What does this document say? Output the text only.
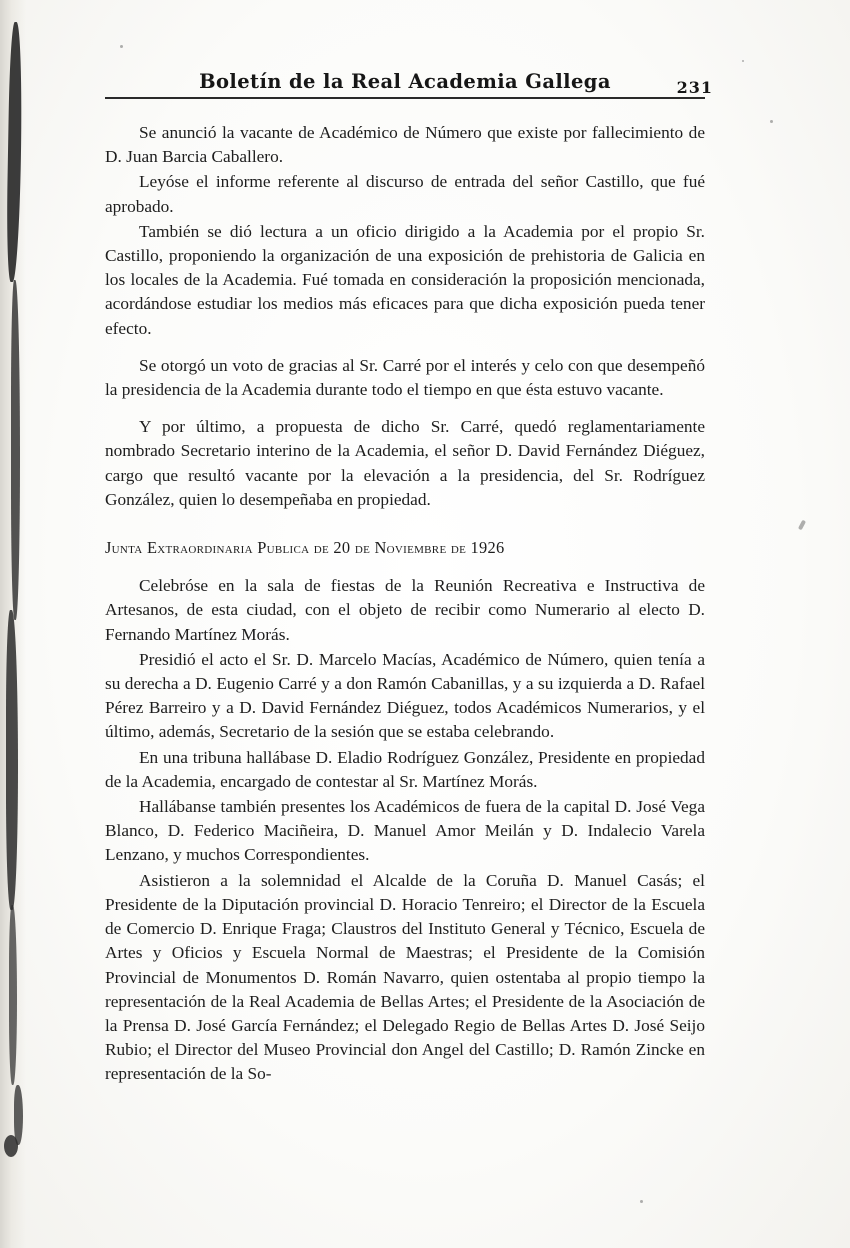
Boletín de la Real Academia Gallega	231

Se anunció la vacante de Académico de Número que existe por fallecimiento de D. Juan Barcia Caballero.

Leyóse el informe referente al discurso de entrada del señor Castillo, que fué aprobado.

También se dió lectura a un oficio dirigido a la Academia por el propio Sr. Castillo, proponiendo la organización de una exposición de prehistoria de Galicia en los locales de la Academia. Fué tomada en consideración la proposición mencionada, acordándose estudiar los medios más eficaces para que dicha exposición pueda tener efecto.

Se otorgó un voto de gracias al Sr. Carré por el interés y celo con que desempeñó la presidencia de la Academia durante todo el tiempo en que ésta estuvo vacante.

Y por último, a propuesta de dicho Sr. Carré, quedó reglamentariamente nombrado Secretario interino de la Academia, el señor D. David Fernández Diéguez, cargo que resultó vacante por la elevación a la presidencia, del Sr. Rodríguez González, quien lo desempeñaba en propiedad.

Junta Extraordinaria Publica de 20 de Noviembre de 1926

Celebróse en la sala de fiestas de la Reunión Recreativa e Instructiva de Artesanos, de esta ciudad, con el objeto de recibir como Numerario al electo D. Fernando Martínez Morás.

Presidió el acto el Sr. D. Marcelo Macías, Académico de Número, quien tenía a su derecha a D. Eugenio Carré y a don Ramón Cabanillas, y a su izquierda a D. Rafael Pérez Barreiro y a D. David Fernández Diéguez, todos Académicos Numerarios, y el último, además, Secretario de la sesión que se estaba celebrando.

En una tribuna hallábase D. Eladio Rodríguez González, Presidente en propiedad de la Academia, encargado de contestar al Sr. Martínez Morás.

Hallábanse también presentes los Académicos de fuera de la capital D. José Vega Blanco, D. Federico Maciñeira, D. Manuel Amor Meilán y D. Indalecio Varela Lenzano, y muchos Correspondientes.

Asistieron a la solemnidad el Alcalde de la Coruña D. Manuel Casás; el Presidente de la Diputación provincial D. Horacio Tenreiro; el Director de la Escuela de Comercio D. Enrique Fraga; Claustros del Instituto General y Técnico, Escuela de Artes y Oficios y Escuela Normal de Maestras; el Presidente de la Comisión Provincial de Monumentos D. Román Navarro, quien ostentaba al propio tiempo la representación de la Real Academia de Bellas Artes; el Presidente de la Asociación de la Prensa D. José García Fernández; el Delegado Regio de Bellas Artes D. José Seijo Rubio; el Director del Museo Provincial don Angel del Castillo; D. Ramón Zincke en representación de la So-
